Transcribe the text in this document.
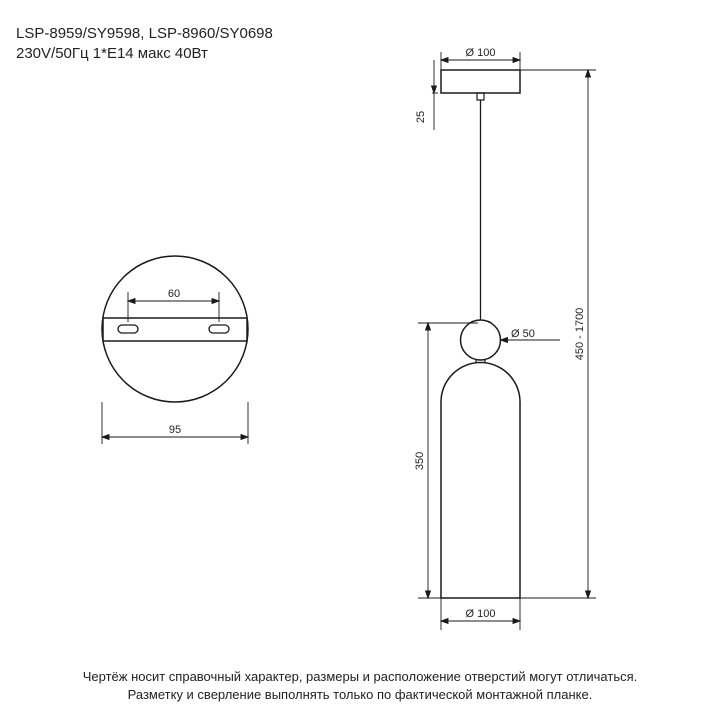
LSP-8959/SY9598, LSP-8960/SY0698
230V/50Гц 1*E14 макс 40Вт
60
95
Ø 100
25
Ø 50
350
Ø 100
450 - 1700
Чертёж носит справочный характер, размеры и расположение отверстий могут отличаться.
Разметку и сверление выполнять только по фактической монтажной планке.
